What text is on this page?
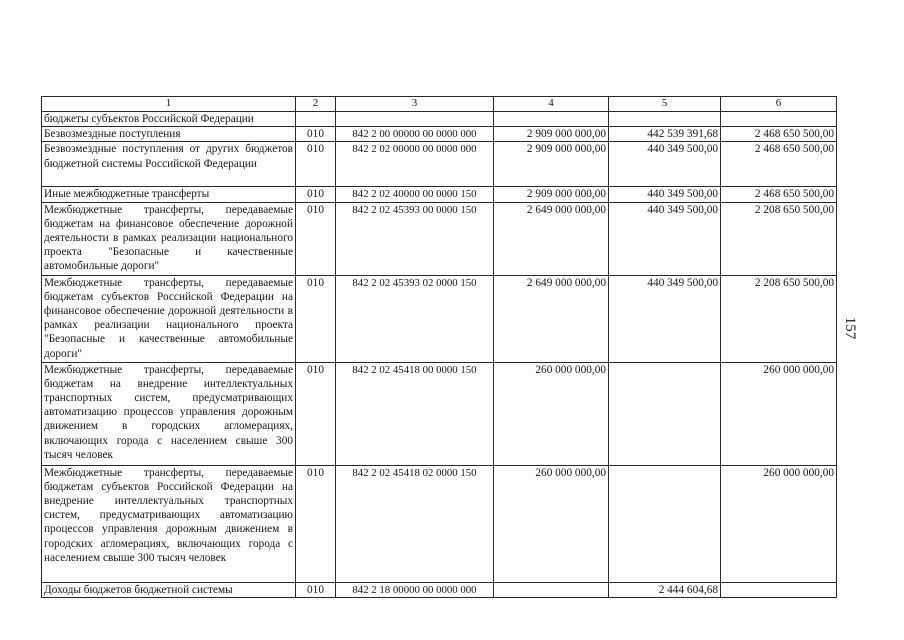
1	2	3	4	5	6
бюджеты субъектов Российской Федерации					
Безвозмездные поступления	010	842 2 00 00000 00 0000 000	2 909 000 000,00	442 539 391,68	2 468 650 500,00
Безвозмездные поступления от других бюджетов бюджетной системы Российской Федерации	010	842 2 02 00000 00 0000 000	2 909 000 000,00	440 349 500,00	2 468 650 500,00
Иные межбюджетные трансферты	010	842 2 02 40000 00 0000 150	2 909 000 000,00	440 349 500,00	2 468 650 500,00
Межбюджетные трансферты, передаваемые бюджетам на финансовое обеспечение дорожной деятельности в рамках реализации национального проекта "Безопасные и качественные автомобильные дороги"	010	842 2 02 45393 00 0000 150	2 649 000 000,00	440 349 500,00	2 208 650 500,00
Межбюджетные трансферты, передаваемые бюджетам субъектов Российской Федерации на финансовое обеспечение дорожной деятельности в рамках реализации национального проекта "Безопасные и качественные автомобильные дороги"	010	842 2 02 45393 02 0000 150	2 649 000 000,00	440 349 500,00	2 208 650 500,00
Межбюджетные трансферты, передаваемые бюджетам на внедрение интеллектуальных транспортных систем, предусматривающих автоматизацию процессов управления дорожным движением в городских агломерациях, включающих города с населением свыше 300 тысяч человек	010	842 2 02 45418 00 0000 150	260 000 000,00		260 000 000,00
Межбюджетные трансферты, передаваемые бюджетам субъектов Российской Федерации на внедрение интеллектуальных транспортных систем, предусматривающих автоматизацию процессов управления дорожным движением в городских агломерациях, включающих города с населением свыше 300 тысяч человек	010	842 2 02 45418 02 0000 150	260 000 000,00		260 000 000,00
Доходы бюджетов бюджетной системы	010	842 2 18 00000 00 0000 000		2 444 604,68	
157
